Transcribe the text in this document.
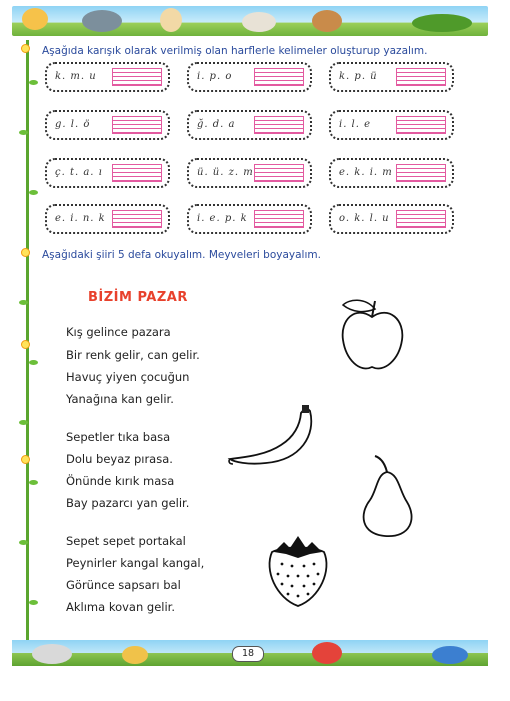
Aşağıda karışık olarak verilmiş olan harflerle kelimeler oluşturup yazalım.
k. m. u	i. p. o	k. p. ü
g. l. ö	ğ. d. a	i. l. e
ç. t. a. ı	ü. ü. z. m	e. k. i. m
e. i. n. k	i. e. p. k	o. k. l. u
Aşağıdaki şiiri 5 defa okuyalım. Meyveleri boyayalım.
BİZİM PAZAR
Kış gelince pazara
Bir renk gelir, can gelir.
Havuç yiyen çocuğun
Yanağına kan gelir.
Sepetler tıka basa
Dolu beyaz pırasa.
Önünde kırık masa
Bay pazarcı yan gelir.
Sepet sepet portakal
Peynirler kangal kangal,
Görünce sapsarı bal
Aklıma kovan gelir.
18
